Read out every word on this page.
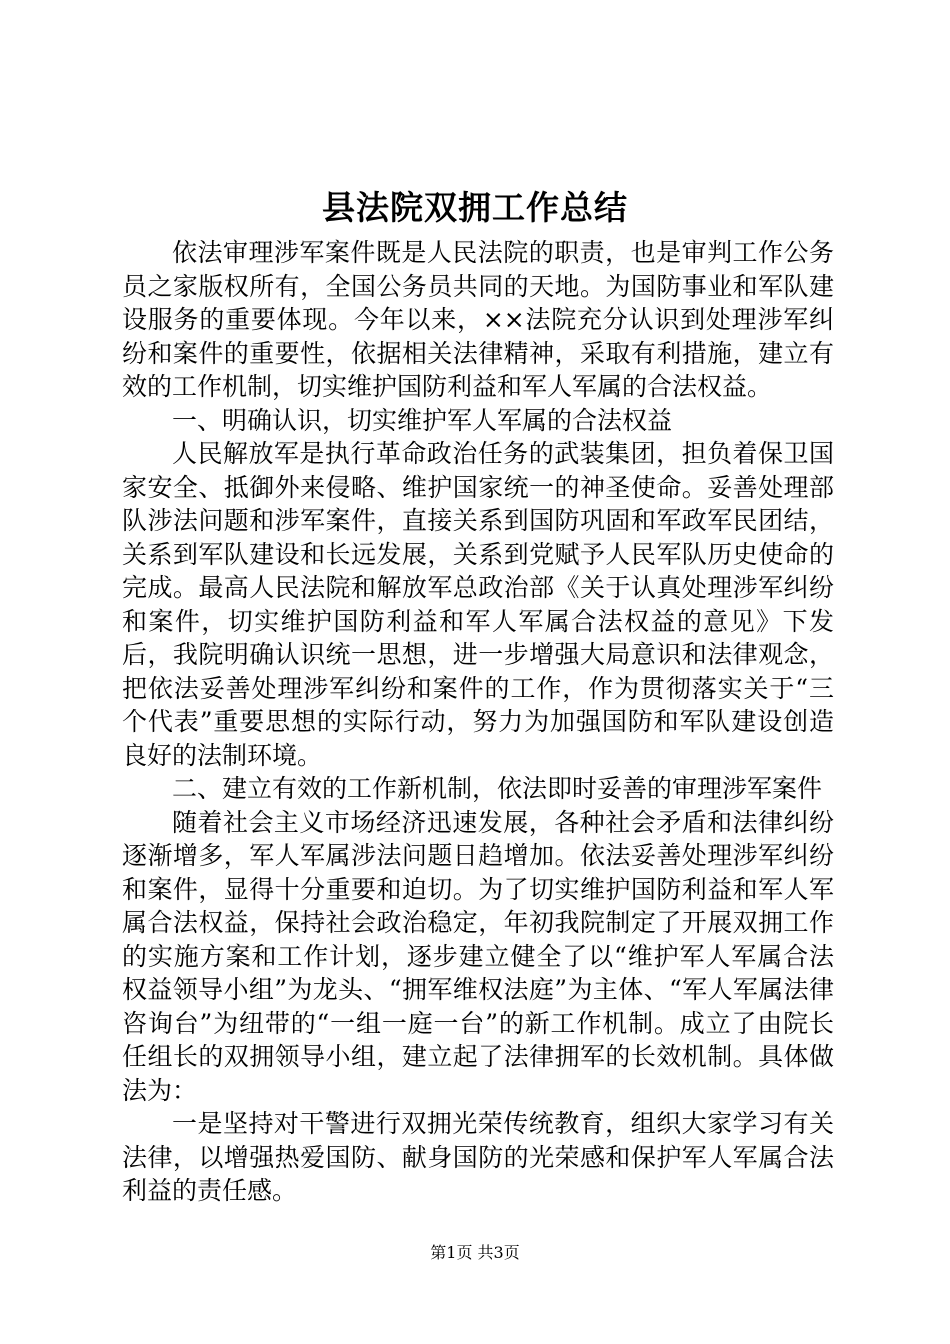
县法院双拥工作总结

依法审理涉军案件既是人民法院的职责，也是审判工作公务员之家版权所有，全国公务员共同的天地。为国防事业和军队建设服务的重要体现。今年以来，××法院充分认识到处理涉军纠纷和案件的重要性，依据相关法律精神，采取有利措施，建立有效的工作机制，切实维护国防利益和军人军属的合法权益。

一、明确认识，切实维护军人军属的合法权益

人民解放军是执行革命政治任务的武装集团，担负着保卫国家安全、抵御外来侵略、维护国家统一的神圣使命。妥善处理部队涉法问题和涉军案件，直接关系到国防巩固和军政军民团结，关系到军队建设和长远发展，关系到党赋予人民军队历史使命的完成。最高人民法院和解放军总政治部《关于认真处理涉军纠纷和案件，切实维护国防利益和军人军属合法权益的意见》下发后，我院明确认识统一思想，进一步增强大局意识和法律观念，把依法妥善处理涉军纠纷和案件的工作，作为贯彻落实关于“三个代表”重要思想的实际行动，努力为加强国防和军队建设创造良好的法制环境。

二、建立有效的工作新机制，依法即时妥善的审理涉军案件

随着社会主义市场经济迅速发展，各种社会矛盾和法律纠纷逐渐增多，军人军属涉法问题日趋增加。依法妥善处理涉军纠纷和案件，显得十分重要和迫切。为了切实维护国防利益和军人军属合法权益，保持社会政治稳定，年初我院制定了开展双拥工作的实施方案和工作计划，逐步建立健全了以“维护军人军属合法权益领导小组”为龙头、“拥军维权法庭”为主体、“军人军属法律咨询台”为纽带的“一组一庭一台”的新工作机制。成立了由院长任组长的双拥领导小组，建立起了法律拥军的长效机制。具体做法为：

一是坚持对干警进行双拥光荣传统教育，组织大家学习有关法律，以增强热爱国防、献身国防的光荣感和保护军人军属合法利益的责任感。

第1页 共3页
